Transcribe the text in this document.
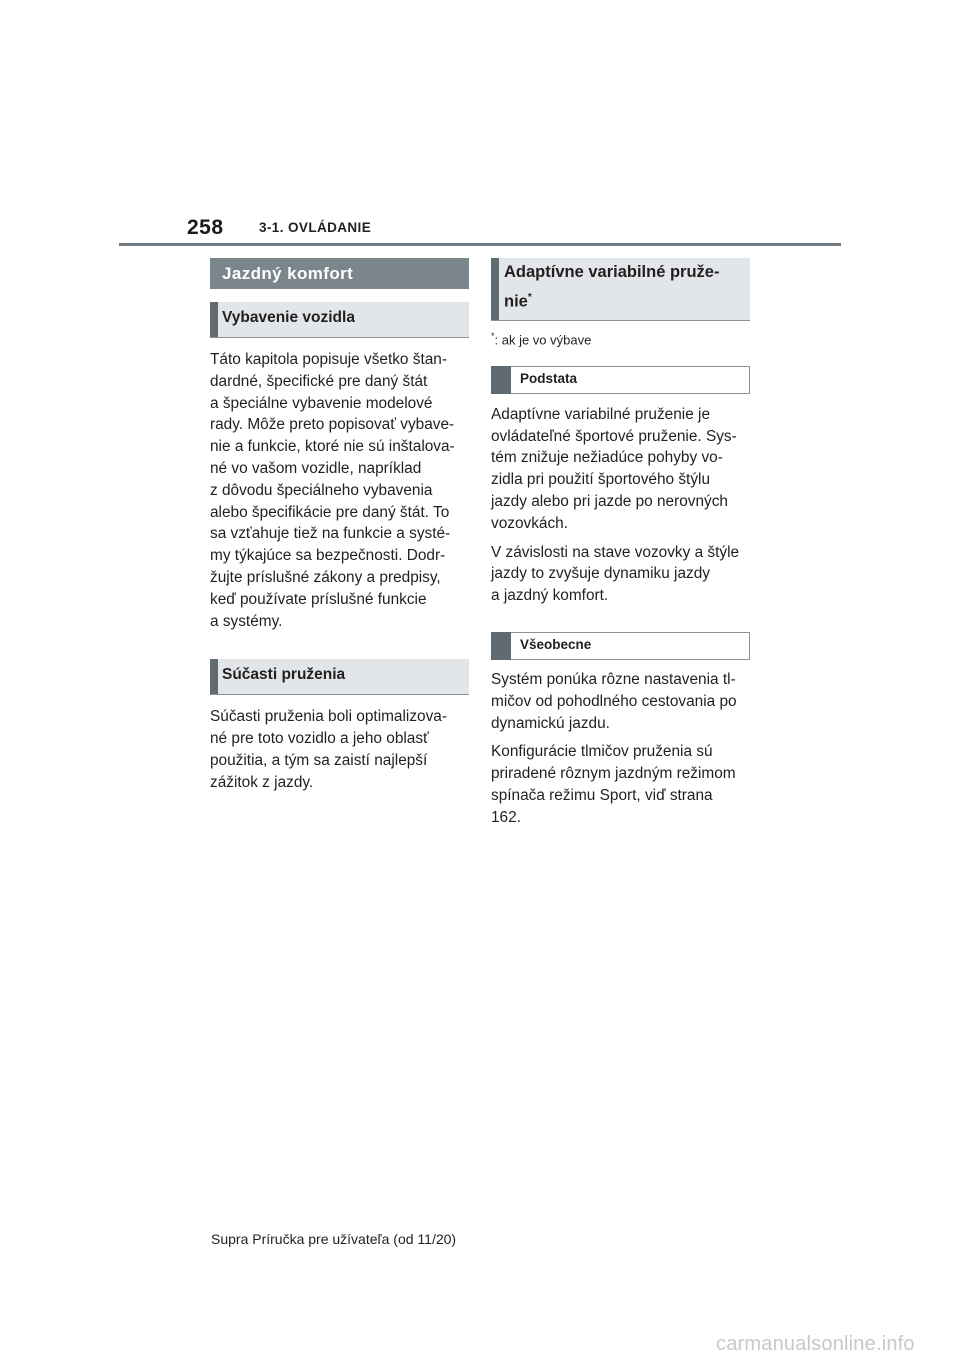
258	3-1. OVLÁDANIE
Jazdný komfort
Vybavenie vozidla

Táto kapitola popisuje všetko štan-
dardné, špecifické pre daný štát
a špeciálne vybavenie modelové
rady. Môže preto popisovať vybave-
nie a funkcie, ktoré nie sú inštalova-
né vo vašom vozidle, napríklad
z dôvodu špeciálneho vybavenia
alebo špecifikácie pre daný štát. To
sa vzťahuje tiež na funkcie a systé-
my týkajúce sa bezpečnosti. Dodr-
žujte príslušné zákony a predpisy,
keď používate príslušné funkcie
a systémy.

Súčasti pruženia

Súčasti pruženia boli optimalizova-
né pre toto vozidlo a jeho oblasť
použitia, a tým sa zaistí najlepší
zážitok z jazdy.

Adaptívne variabilné pruže-
nie*

*: ak je vo výbave

Podstata

Adaptívne variabilné pruženie je
ovládateľné športové pruženie. Sys-
tém znižuje nežiadúce pohyby vo-
zidla pri použití športového štýlu
jazdy alebo pri jazde po nerovných
vozovkách.

V závislosti na stave vozovky a štýle
jazdy to zvyšuje dynamiku jazdy
a jazdný komfort.

Všeobecne

Systém ponúka rôzne nastavenia tl-
mičov od pohodlného cestovania po
dynamickú jazdu.

Konfigurácie tlmičov pruženia sú
priradené rôznym jazdným režimom
spínača režimu Sport, viď strana
162.

Supra Príručka pre užívateľa (od 11/20)
carmanualsonline.info
